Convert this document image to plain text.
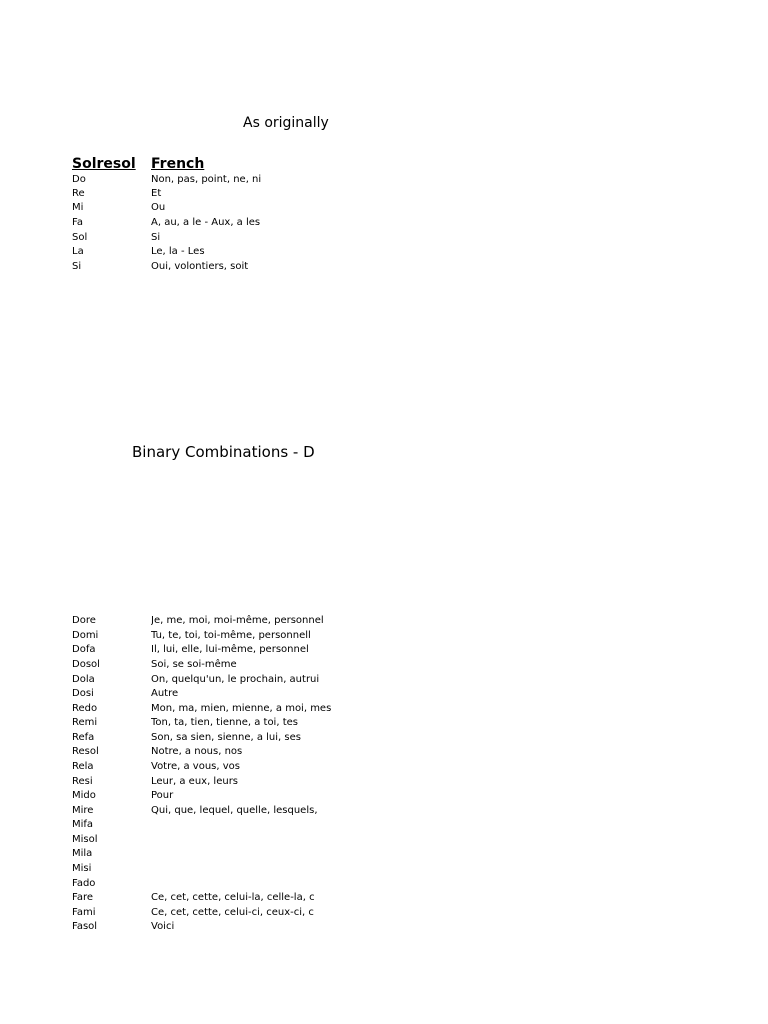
As originally
Solresol French
Do	Non, pas, point, ne, ni
Re	Et
Mi	Ou
Fa	A, au, a le - Aux, a les
Sol	Si
La	Le, la - Les
Si	Oui, volontiers, soit
Binary Combinations - D
Dore	Je, me, moi, moi-même, personnel
Domi	Tu, te, toi, toi-même, personnell
Dofa	Il, lui, elle, lui-même, personnel
Dosol	Soi, se soi-même
Dola	On, quelqu'un, le prochain, autrui
Dosi	Autre
Redo	Mon, ma, mien, mienne, a moi, mes
Remi	Ton, ta, tien, tienne, a toi, tes
Refa	Son, sa sien, sienne, a lui, ses
Resol	Notre, a nous, nos
Rela	Votre, a vous, vos
Resi	Leur, a eux, leurs
Mido	Pour
Mire	Qui, que, lequel, quelle, lesquels,
Mifa
Misol
Mila
Misi
Fado
Fare	Ce, cet, cette, celui-la, celle-la, c
Fami	Ce, cet, cette, celui-ci, ceux-ci, c
Fasol	Voici
